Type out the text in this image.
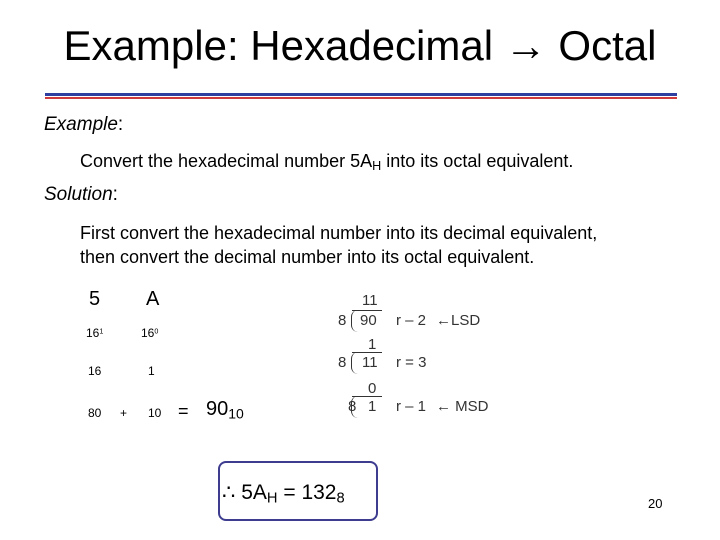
Example: Hexadecimal → Octal
Example:
Convert the hexadecimal number $5A_H$ into its octal equivalent.
Solution:
First convert the hexadecimal number into its decimal equivalent,
then convert the decimal number into its octal equivalent.
5 A
$16^1$	$16^0$
16	1
$80 + 10 = 90_{10}$
11
8 90 r – 2 ←LSD
1
8 11 r = 3
0
8 1 r – 1 ← MSD
∴ $5A_H = 132_8$	20
